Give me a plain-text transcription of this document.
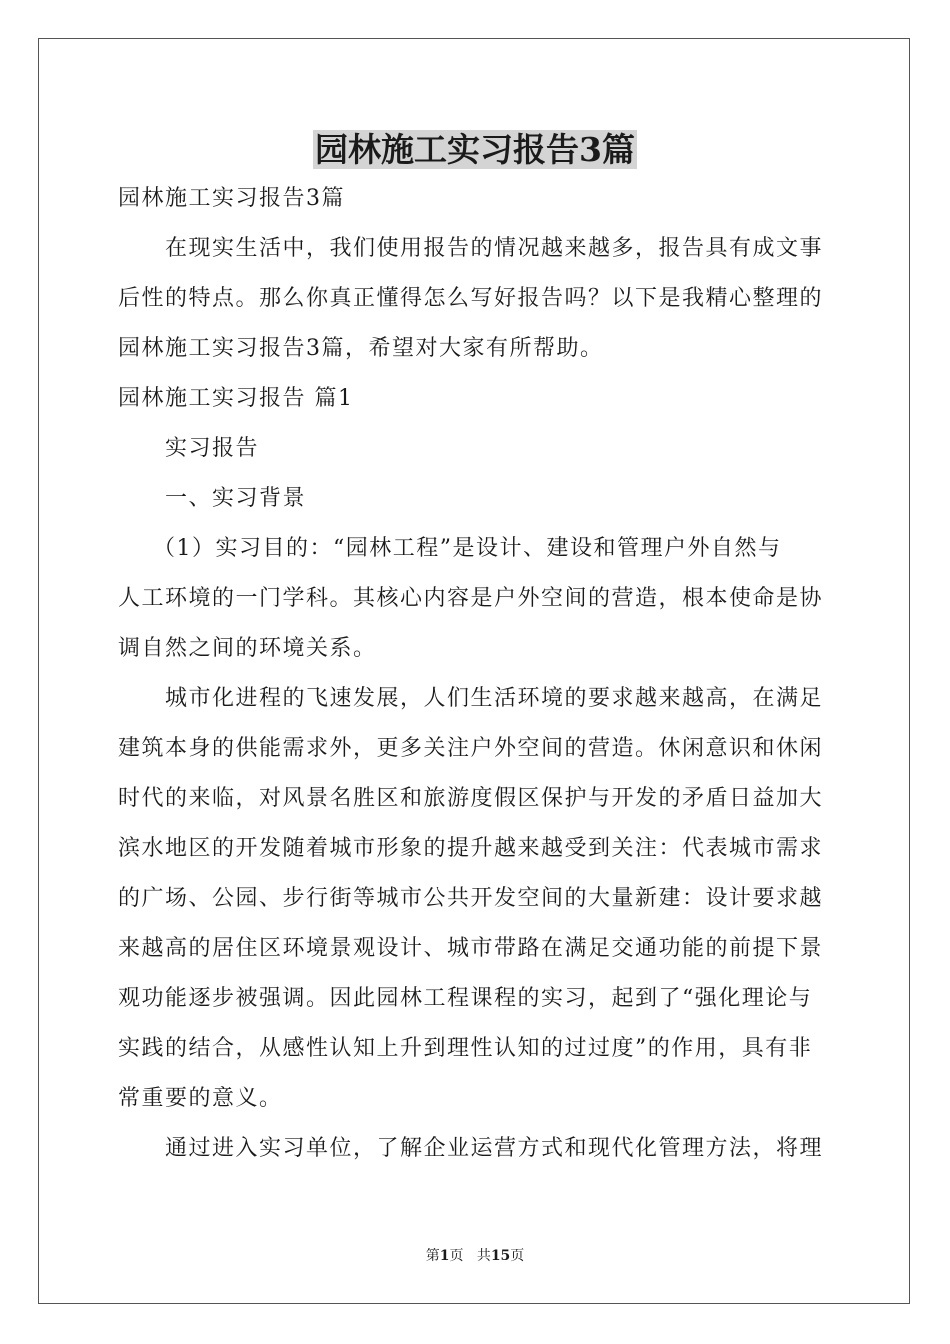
园林施工实习报告3篇

园林施工实习报告3篇

在现实生活中，我们使用报告的情况越来越多，报告具有成文事

后性的特点。那么你真正懂得怎么写好报告吗？以下是我精心整理的

园林施工实习报告3篇，希望对大家有所帮助。

园林施工实习报告 篇1

实习报告

一、实习背景

（1）实习目的：“园林工程”是设计、建设和管理户外自然与

人工环境的一门学科。其核心内容是户外空间的营造，根本使命是协

调自然之间的环境关系。

城市化进程的飞速发展，人们生活环境的要求越来越高，在满足

建筑本身的供能需求外，更多关注户外空间的营造。休闲意识和休闲

时代的来临，对风景名胜区和旅游度假区保护与开发的矛盾日益加大

滨水地区的开发随着城市形象的提升越来越受到关注：代表城市需求

的广场、公园、步行街等城市公共开发空间的大量新建：设计要求越

来越高的居住区环境景观设计、城市带路在满足交通功能的前提下景

观功能逐步被强调。因此园林工程课程的实习，起到了“强化理论与

实践的结合，从感性认知上升到理性认知的过过度”的作用，具有非

常重要的意义。

通过进入实习单位，了解企业运营方式和现代化管理方法，将理

第1页 共15页
